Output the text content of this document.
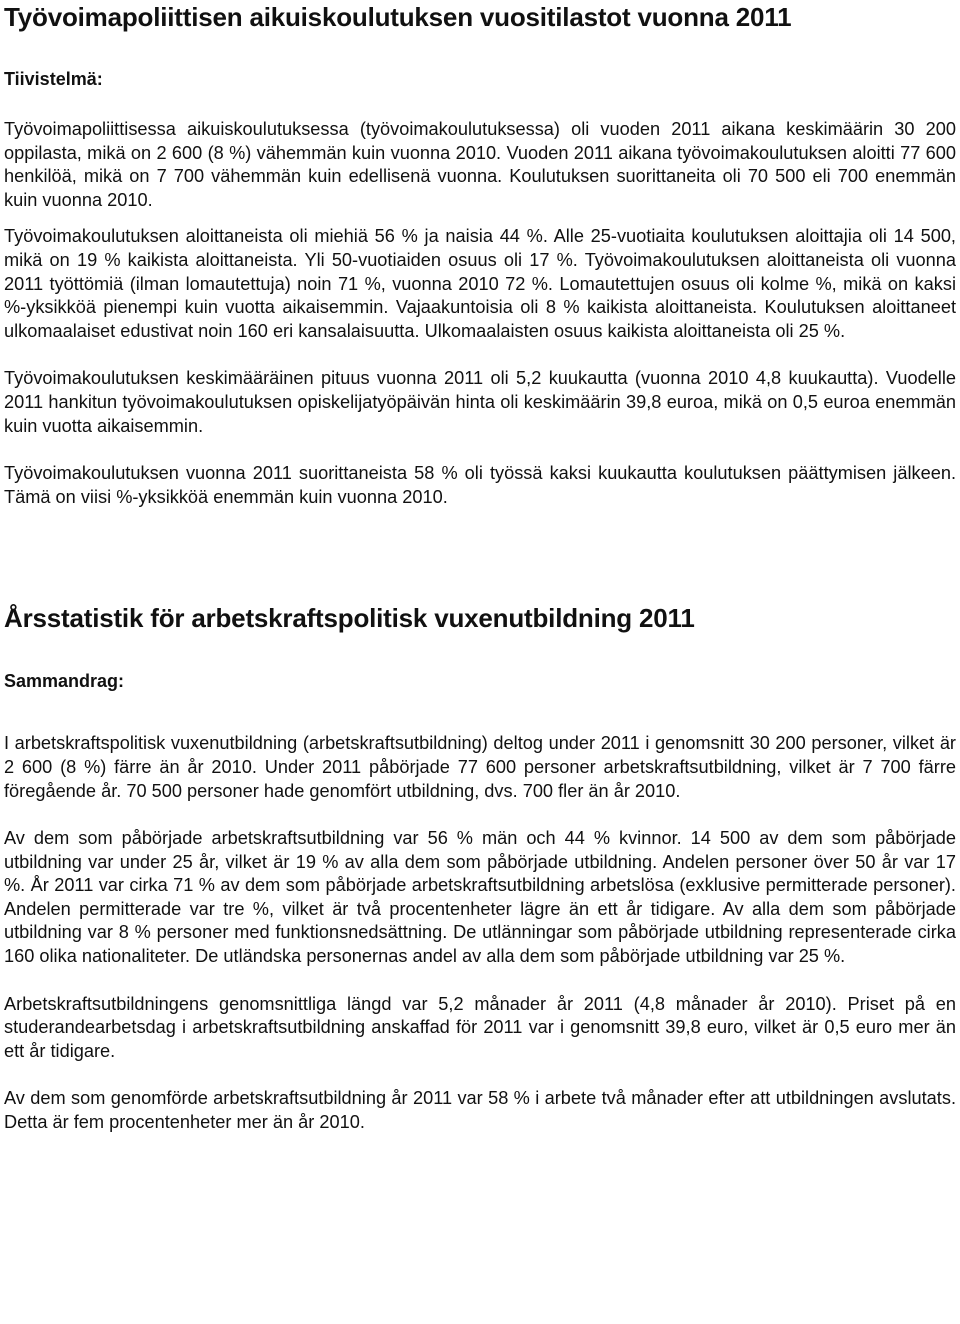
Työvoimapoliittisen aikuiskoulutuksen vuositilastot vuonna 2011
Tiivistelmä:

Työvoimapoliittisessa aikuiskoulutuksessa (työvoimakoulutuksessa) oli vuoden 2011 aikana keskimäärin 30 200 oppilasta, mikä on 2 600 (8 %) vähemmän kuin vuonna 2010. Vuoden 2011 aikana työvoimakoulutuksen aloitti 77 600 henkilöä, mikä on 7 700 vähemmän kuin edellisenä vuonna. Koulutuksen suorittaneita oli 70 500 eli 700 enemmän kuin vuonna 2010.

Työvoimakoulutuksen aloittaneista oli miehiä 56 % ja naisia 44 %. Alle 25-vuotiaita koulutuksen aloittajia oli 14 500, mikä on 19 % kaikista aloittaneista. Yli 50-vuotiaiden osuus oli 17 %. Työvoimakoulutuksen aloittaneista oli vuonna 2011 työttömiä (ilman lomautettuja) noin 71 %, vuonna 2010 72 %. Lomautettujen osuus oli kolme %, mikä on kaksi %-yksikköä pienempi kuin vuotta aikaisemmin. Vajaakuntoisia oli 8 % kaikista aloittaneista. Koulutuksen aloittaneet ulkomaalaiset edustivat noin 160 eri kansalaisuutta. Ulkomaalaisten osuus kaikista aloittaneista oli 25 %.

Työvoimakoulutuksen keskimääräinen pituus vuonna 2011 oli 5,2 kuukautta (vuonna 2010 4,8 kuukautta). Vuodelle 2011 hankitun työvoimakoulutuksen opiskelijatyöpäivän hinta oli keskimäärin 39,8 euroa, mikä on 0,5 euroa enemmän kuin vuotta aikaisemmin.

Työvoimakoulutuksen vuonna 2011 suorittaneista 58 % oli työssä kaksi kuukautta koulutuksen päättymisen jälkeen. Tämä on viisi %-yksikköä enemmän kuin vuonna 2010.

Årsstatistik för arbetskraftspolitisk vuxenutbildning 2011
Sammandrag:

I arbetskraftspolitisk vuxenutbildning (arbetskraftsutbildning) deltog under 2011 i genomsnitt 30 200 personer, vilket är 2 600 (8 %) färre än år 2010. Under 2011 påbörjade 77 600 personer arbetskraftsutbildning, vilket är 7 700 färre föregående år. 70 500 personer hade genomfört utbildning, dvs. 700 fler än år 2010.

Av dem som påbörjade arbetskraftsutbildning var 56 % män och 44 % kvinnor. 14 500 av dem som påbörjade utbildning var under 25 år, vilket är 19 % av alla dem som påbörjade utbildning. Andelen personer över 50 år var 17 %. År 2011 var cirka 71 % av dem som påbörjade arbetskraftsutbildning arbetslösa (exklusive permitterade personer). Andelen permitterade var tre %, vilket är två procentenheter lägre än ett år tidigare. Av alla dem som påbörjade utbildning var 8 % personer med funktionsnedsättning. De utlänningar som påbörjade utbildning representerade cirka 160 olika nationaliteter. De utländska personernas andel av alla dem som påbörjade utbildning var 25 %.

Arbetskraftsutbildningens genomsnittliga längd var 5,2 månader år 2011 (4,8 månader år 2010). Priset på en studerandearbetsdag i arbetskraftsutbildning anskaffad för 2011 var i genomsnitt 39,8 euro, vilket är 0,5 euro mer än ett år tidigare.

Av dem som genomförde arbetskraftsutbildning år 2011 var 58 % i arbete två månader efter att utbildningen avslutats. Detta är fem procentenheter mer än år 2010.
